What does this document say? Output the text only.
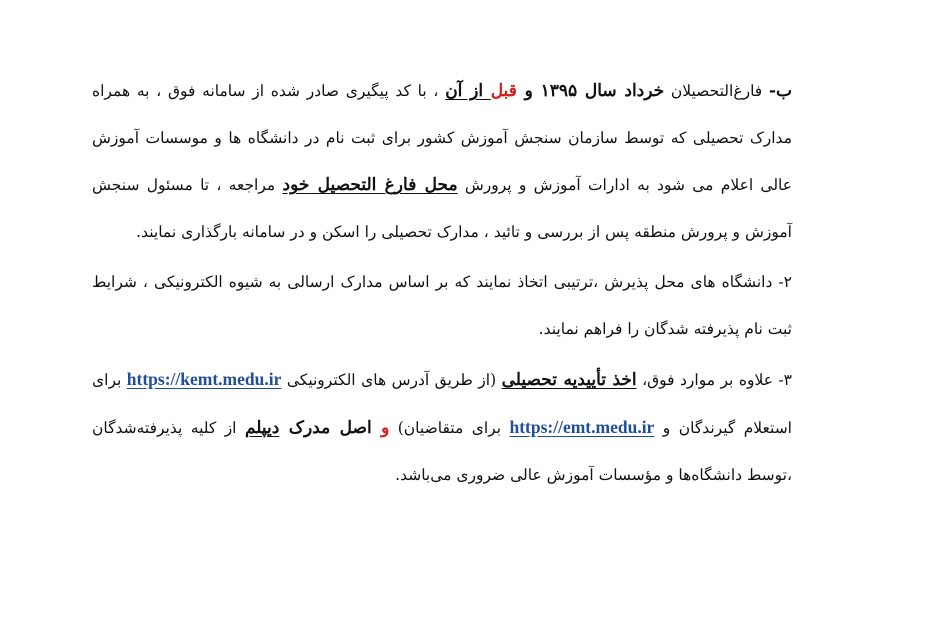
ب- فارغ‌التحصیلان خرداد سال ۱۳۹۵ و قبل از آن ، با کد پیگیری صادر شده از سامانه فوق ، به همراه مدارک تحصیلی که توسط سازمان سنجش آموزش کشور برای ثبت نام در دانشگاه ها و موسسات آموزش عالی اعلام می شود به ادارات آموزش و پرورش محل فارغ التحصیل خود مراجعه ، تا مسئول سنجش آموزش و پرورش منطقه پس از بررسی و تائید ، مدارک تحصیلی را اسکن و در سامانه بارگذاری نمایند.

۲- دانشگاه های محل پذیرش ،ترتیبی اتخاذ نمایند که بر اساس مدارک ارسالی به شیوه الکترونیکی ، شرایط ثبت نام پذیرفته شدگان را فراهم نمایند.

۳- علاوه بر موارد فوق، اخذ تأییدیه تحصیلی (از طریق آدرس های الکترونیکی https://kemt.medu.ir برای استعلام گیرندگان و https://emt.medu.ir برای متقاضیان) و اصل مدرک دیپلم از کلیه پذیرفته‌شدگان ،توسط دانشگاه‌ها و مؤسسات آموزش عالی ضروری می‌باشد.
